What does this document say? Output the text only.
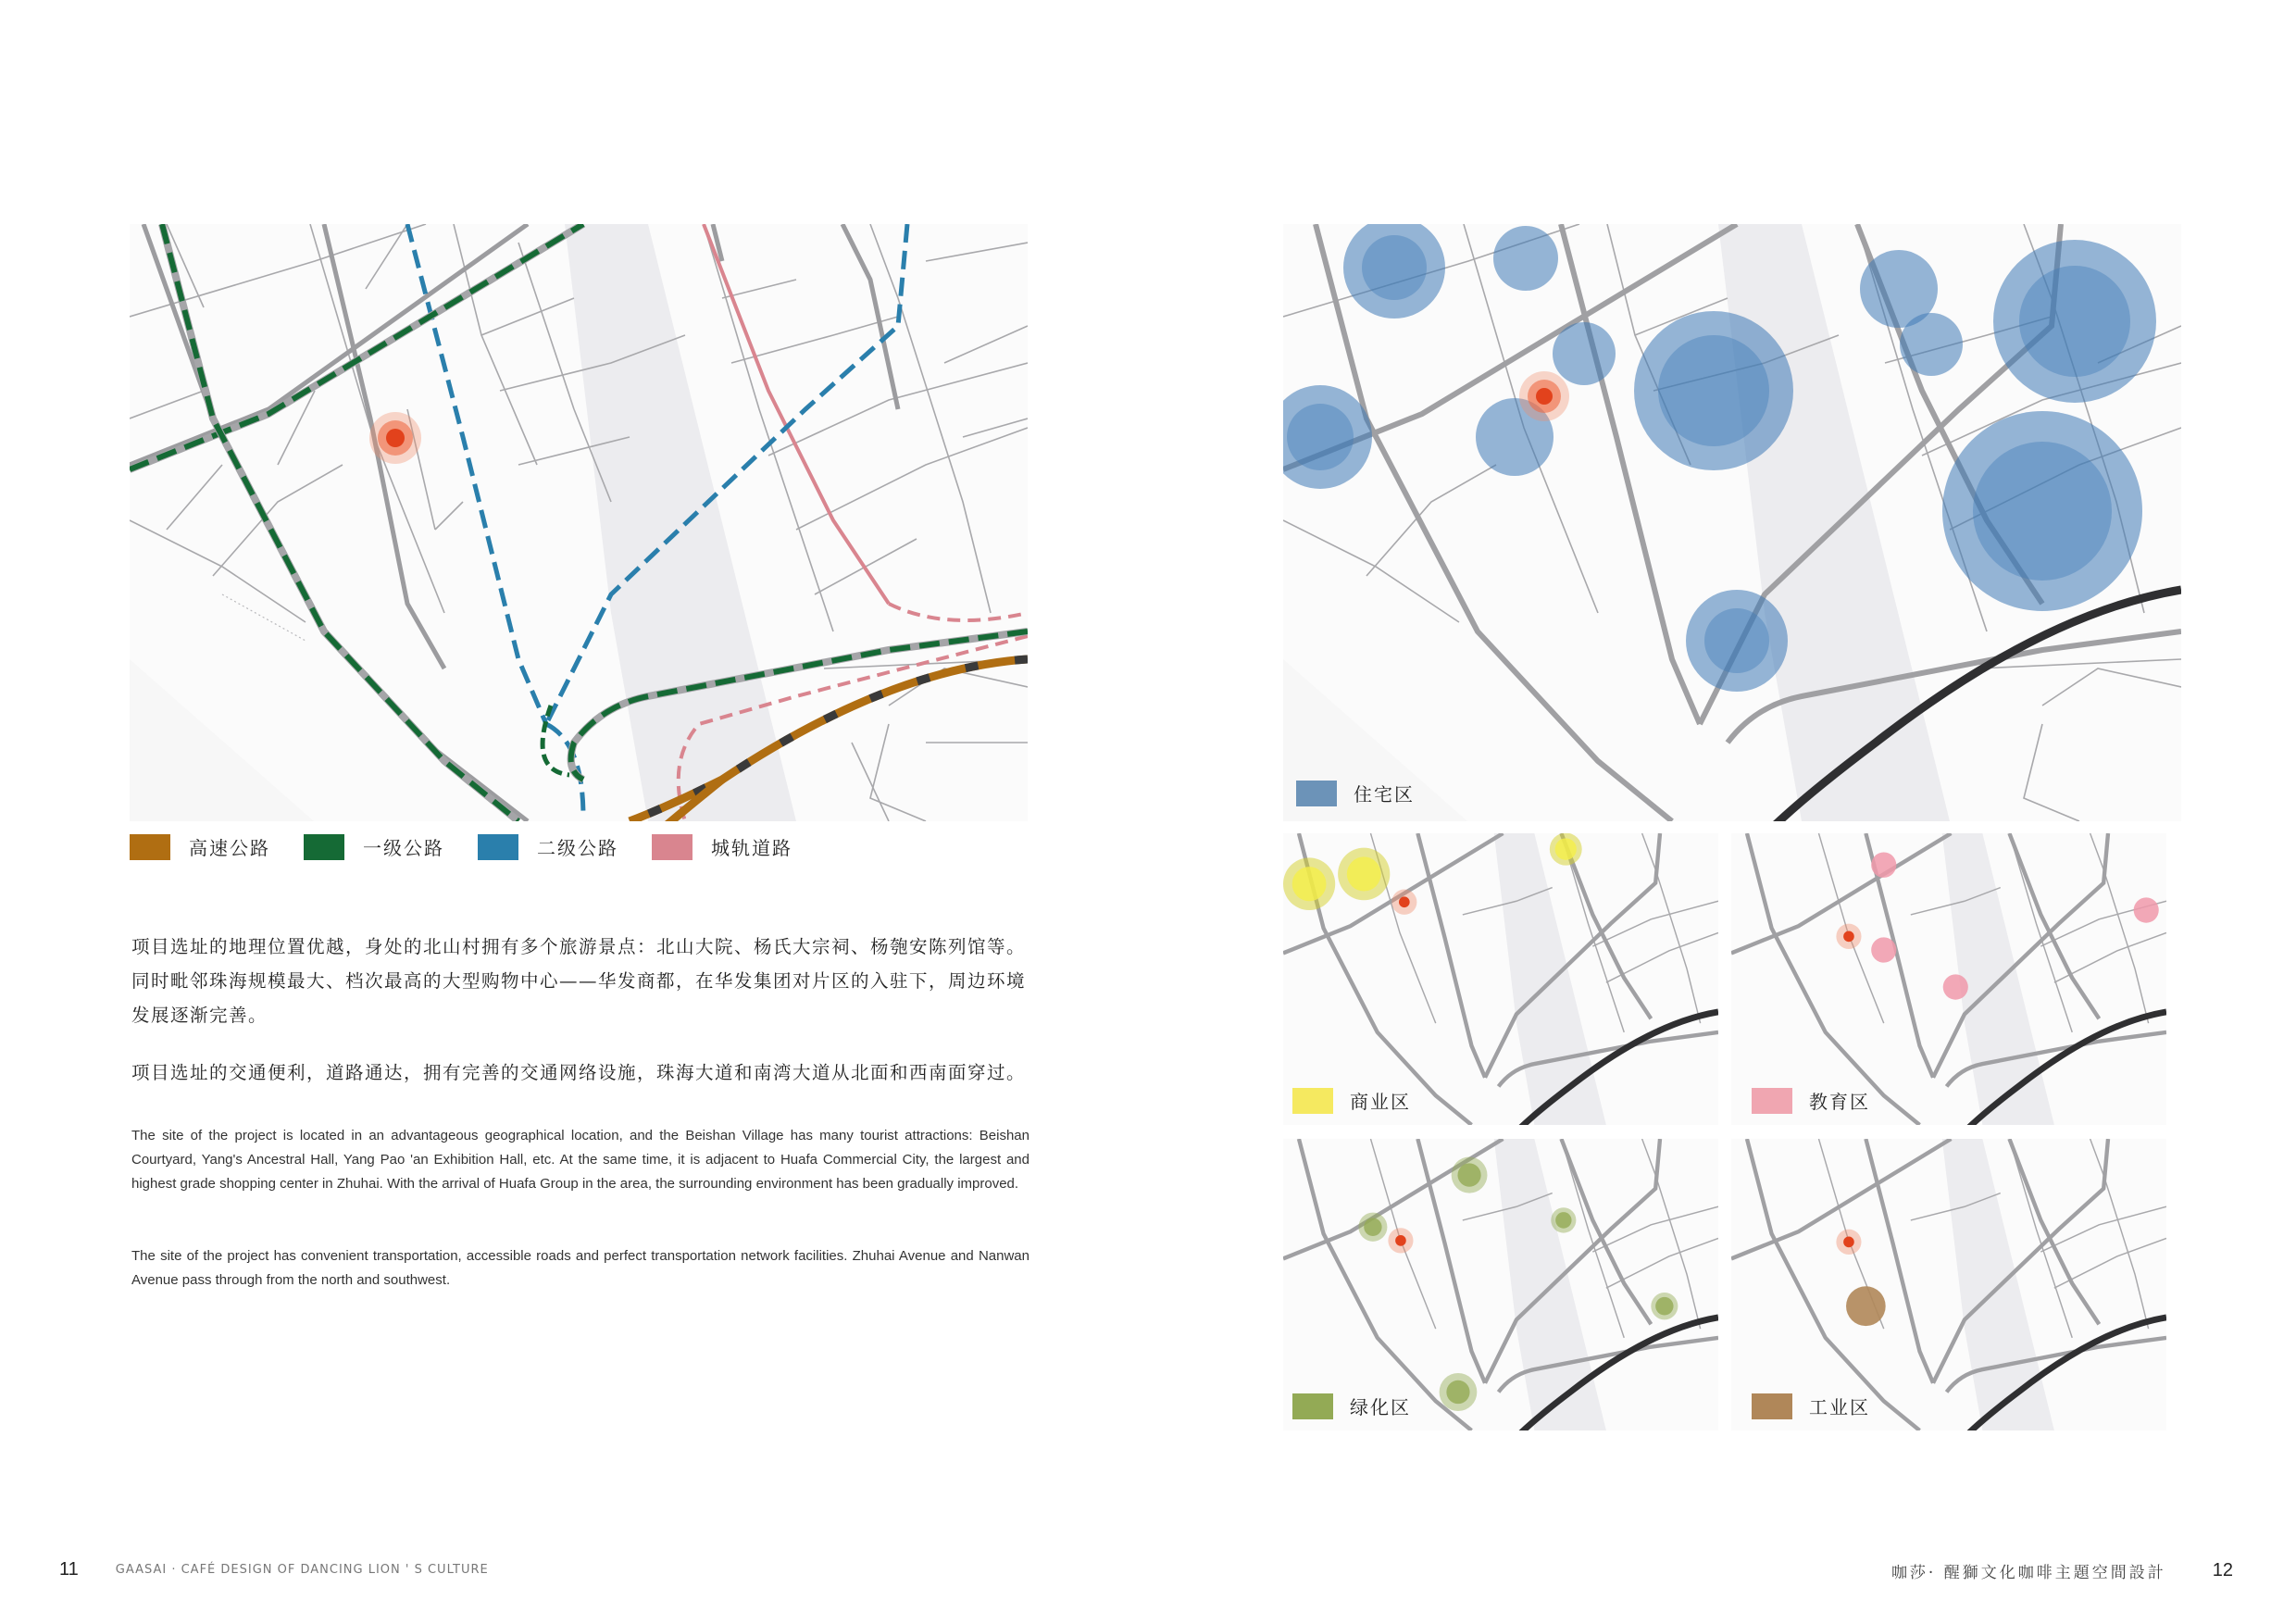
高速公路	一级公路	二级公路	城轨道路

项目选址的地理位置优越，身处的北山村拥有多个旅游景点：北山大院、杨氏大宗祠、杨匏安陈列馆等。同时毗邻珠海规模最大、档次最高的大型购物中心——华发商都，在华发集团对片区的入驻下，周边环境发展逐渐完善。

项目选址的交通便利，道路通达，拥有完善的交通网络设施，珠海大道和南湾大道从北面和西南面穿过。

The site of the project is located in an advantageous geographical location, and the Beishan Village has many tourist attractions: Beishan Courtyard, Yang's Ancestral Hall, Yang Pao 'an Exhibition Hall, etc. At the same time, it is adjacent to Huafa Commercial City, the largest and highest grade shopping center in Zhuhai. With the arrival of Huafa Group in the area, the surrounding environment has been gradually improved.

The site of the project has convenient transportation, accessible roads and perfect transportation network facilities. Zhuhai Avenue and Nanwan Avenue pass through from the north and southwest.

住宅区
商业区	教育区
绿化区	工业区
11	GAASAI · CAFÉ DESIGN OF DANCING LION ' S CULTURE	咖莎· 醒獅文化咖啡主題空間設計	12
